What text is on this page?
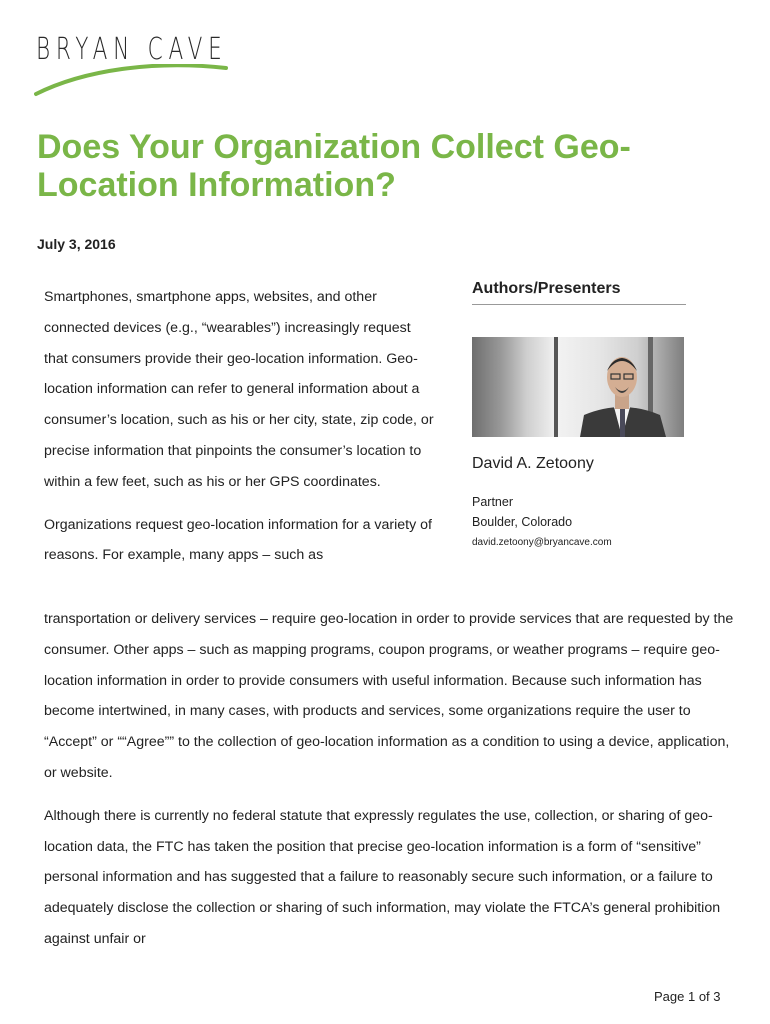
BRYAN CAVE
Does Your Organization Collect Geo-Location Information?
July 3, 2016

Smartphones, smartphone apps, websites, and other connected devices (e.g., “wearables”) increasingly request that consumers provide their geo-location information. Geo-location information can refer to general information about a consumer’s location, such as his or her city, state, zip code, or precise information that pinpoints the consumer’s location to within a few feet, such as his or her GPS coordinates.

Organizations request geo-location information for a variety of reasons. For example, many apps – such as

transportation or delivery services – require geo-location in order to provide services that are requested by the consumer. Other apps – such as mapping programs, coupon programs, or weather programs – require geo-location information in order to provide consumers with useful information. Because such information has become intertwined, in many cases, with products and services, some organizations require the user to “Accept” or ““Agree”” to the collection of geo-location information as a condition to using a device, application, or website.

Although there is currently no federal statute that expressly regulates the use, collection, or sharing of geo-location data, the FTC has taken the position that precise geo-location information is a form of “sensitive” personal information and has suggested that a failure to reasonably secure such information, or a failure to adequately disclose the collection or sharing of such information, may violate the FTCA’s general prohibition against unfair or

Authors/Presenters
David A. Zetoony
Partner
Boulder, Colorado
david.zetoony@bryancave.com
Page 1 of 3
